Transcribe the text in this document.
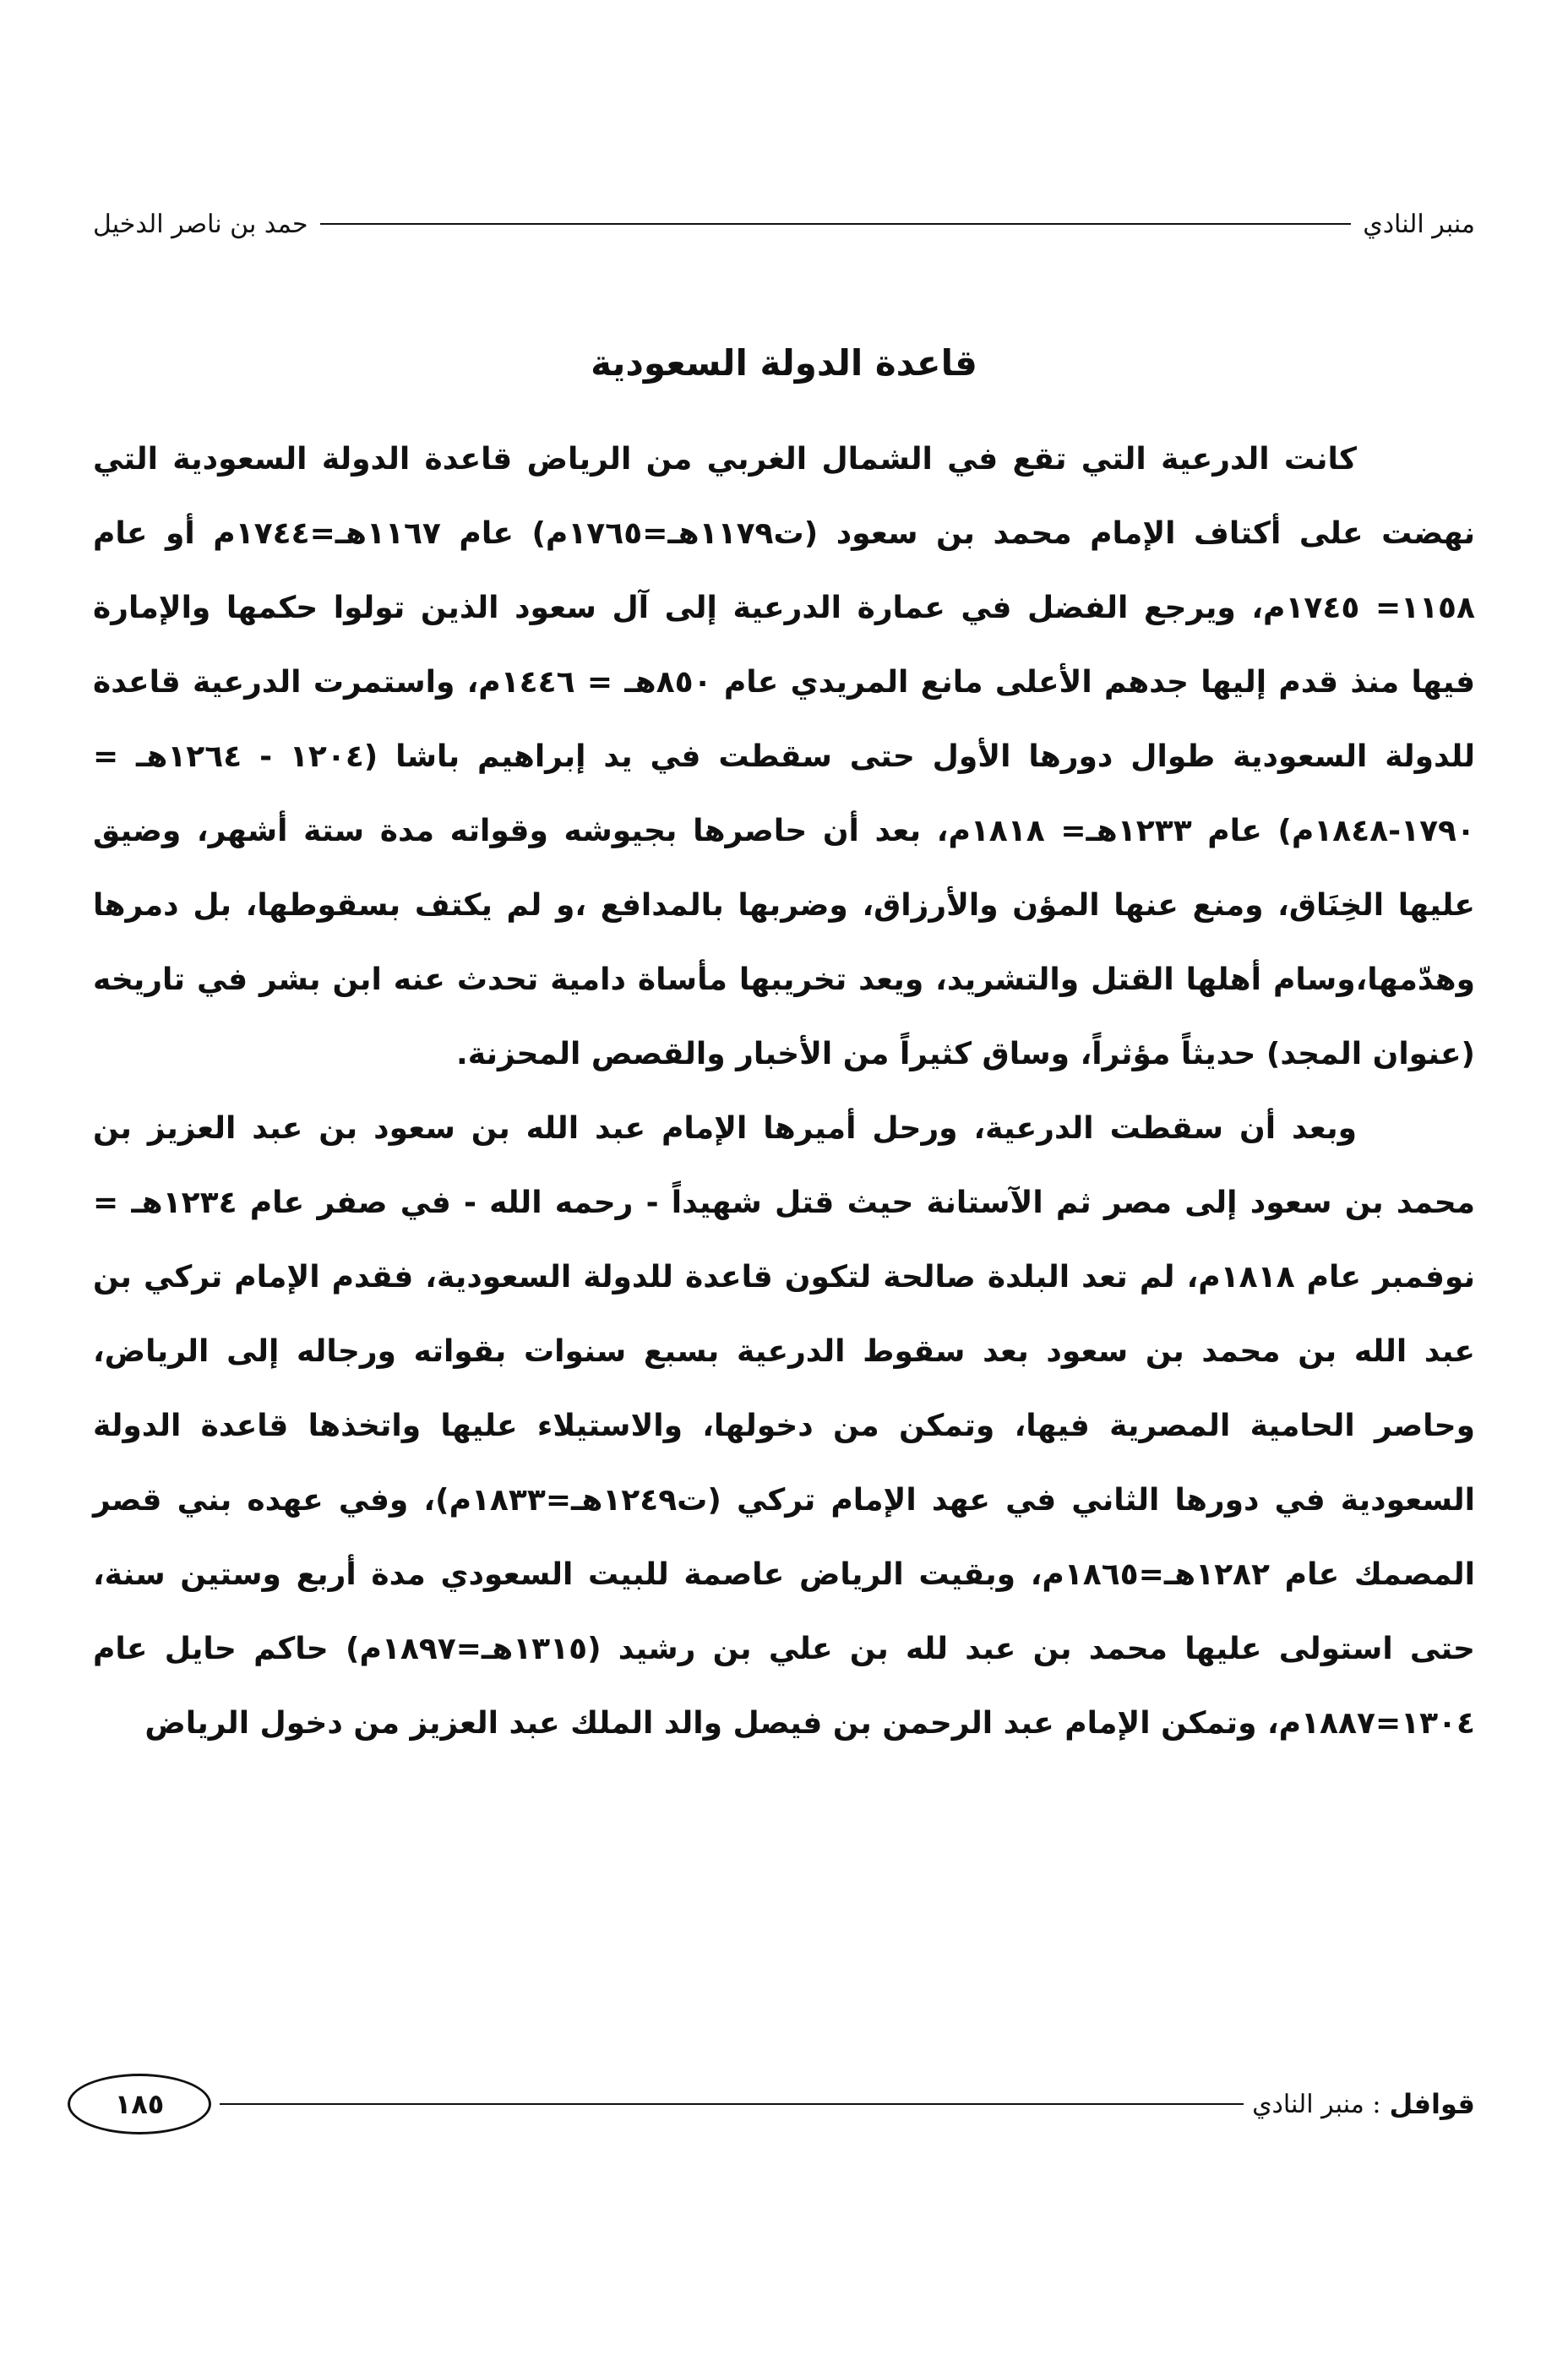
منبر النادي
حمد بن ناصر الدخيل
قاعدة الدولة السعودية

كانت الدرعية التي تقع في الشمال الغربي من الرياض قاعدة الدولة السعودية التي نهضت على أكتاف الإمام محمد بن سعود (ت١١٧٩هـ=١٧٦٥م) عام ١١٦٧هـ=١٧٤٤م أو عام ١١٥٨= ١٧٤٥م، ويرجع الفضل في عمارة الدرعية إلى آل سعود الذين تولوا حكمها والإمارة فيها منذ قدم إليها جدهم الأعلى مانع المريدي عام ٨٥٠هـ = ١٤٤٦م، واستمرت الدرعية قاعدة للدولة السعودية طوال دورها الأول حتى سقطت في يد إبراهيم باشا (١٢٠٤ - ١٢٦٤هـ = ١٧٩٠-١٨٤٨م) عام ١٢٣٣هـ= ١٨١٨م، بعد أن حاصرها بجيوشه وقواته مدة ستة أشهر، وضيق عليها الخِنَاق، ومنع عنها المؤن والأرزاق، وضربها بالمدافع ،و لم يكتف بسقوطها، بل دمرها وهدّمها،وسام أهلها القتل والتشريد، ويعد تخريبها مأساة دامية تحدث عنه ابن بشر في تاريخه (عنوان المجد) حديثاً مؤثراً، وساق كثيراً من الأخبار والقصص المحزنة.

وبعد أن سقطت الدرعية، ورحل أميرها الإمام عبد الله بن سعود بن عبد العزيز بن محمد بن سعود إلى مصر ثم الآستانة حيث قتل شهيداً - رحمه الله - في صفر عام ١٢٣٤هـ = نوفمبر عام ١٨١٨م، لم تعد البلدة صالحة لتكون قاعدة للدولة السعودية، فقدم الإمام تركي بن عبد الله بن محمد بن سعود بعد سقوط الدرعية بسبع سنوات بقواته ورجاله إلى الرياض، وحاصر الحامية المصرية فيها، وتمكن من دخولها، والاستيلاء عليها واتخذها قاعدة الدولة السعودية في دورها الثاني في عهد الإمام تركي (ت١٢٤٩هـ=١٨٣٣م)، وفي عهده بني قصر المصمك عام ١٢٨٢هـ=١٨٦٥م، وبقيت الرياض عاصمة للبيت السعودي مدة أربع وستين سنة، حتى استولى عليها محمد بن عبد لله بن علي بن رشيد (١٣١٥هـ=١٨٩٧م) حاكم حايل عام ١٣٠٤=١٨٨٧م، وتمكن الإمام عبد الرحمن بن فيصل والد الملك عبد العزيز من دخول الرياض

قوافل
: منبر النادي
١٨٥
